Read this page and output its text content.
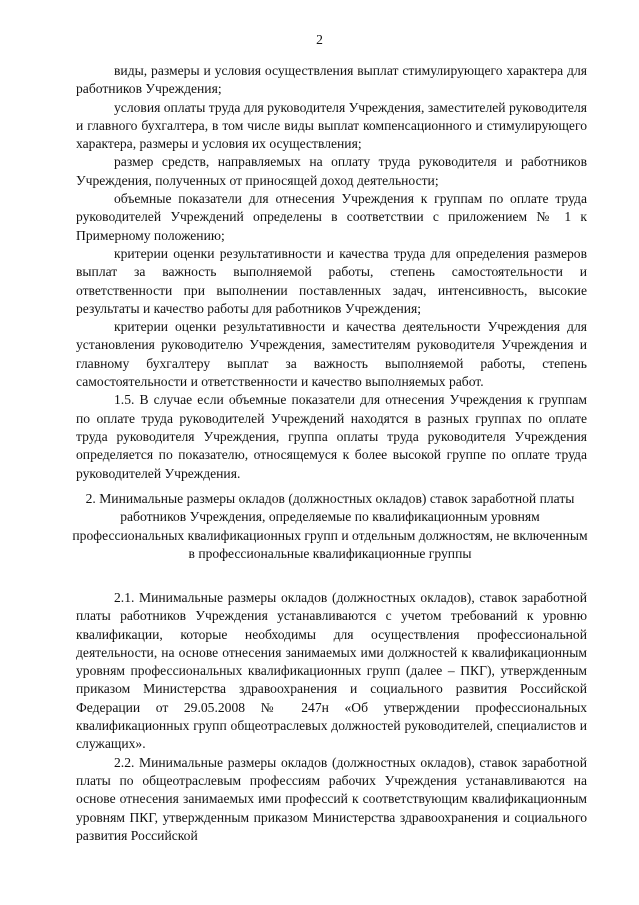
2

виды, размеры и условия осуществления выплат стимулирующего характера для работников Учреждения;

условия оплаты труда для руководителя Учреждения, заместителей руководителя и главного бухгалтера, в том числе виды выплат компенсационного и стимулирующего характера, размеры и условия их осуществления;

размер средств, направляемых на оплату труда руководителя и работников Учреждения, полученных от приносящей доход деятельности;

объемные показатели для отнесения Учреждения к группам по оплате труда руководителей Учреждений определены в соответствии с приложением № 1 к Примерному положению;

критерии оценки результативности и качества труда для определения размеров выплат за важность выполняемой работы, степень самостоятельности и ответственности при выполнении поставленных задач, интенсивность, высокие результаты и качество работы для работников Учреждения;

критерии оценки результативности и качества деятельности Учреждения для установления руководителю Учреждения, заместителям руководителя Учреждения и главному бухгалтеру выплат за важность выполняемой работы, степень самостоятельности и ответственности и качество выполняемых работ.

1.5. В случае если объемные показатели для отнесения Учреждения к группам по оплате труда руководителей Учреждений находятся в разных группах по оплате труда руководителя Учреждения, группа оплаты труда руководителя Учреждения определяется по показателю, относящемуся к более высокой группе по оплате труда руководителей Учреждения.

2. Минимальные размеры окладов (должностных окладов) ставок заработной платы работников Учреждения, определяемые по квалификационным уровням профессиональных квалификационных групп и отдельным должностям, не включенным в профессиональные квалификационные группы

2.1. Минимальные размеры окладов (должностных окладов), ставок заработной платы работников Учреждения устанавливаются с учетом требований к уровню квалификации, которые необходимы для осуществления профессиональной деятельности, на основе отнесения занимаемых ими должностей к квалификационным уровням профессиональных квалификационных групп (далее – ПКГ), утвержденным приказом Министерства здравоохранения и социального развития Российской Федерации от 29.05.2008 № 247н «Об утверждении профессиональных квалификационных групп общеотраслевых должностей руководителей, специалистов и служащих».

2.2. Минимальные размеры окладов (должностных окладов), ставок заработной платы по общеотраслевым профессиям рабочих Учреждения устанавливаются на основе отнесения занимаемых ими профессий к соответствующим квалификационным уровням ПКГ, утвержденным приказом Министерства здравоохранения и социального развития Российской
